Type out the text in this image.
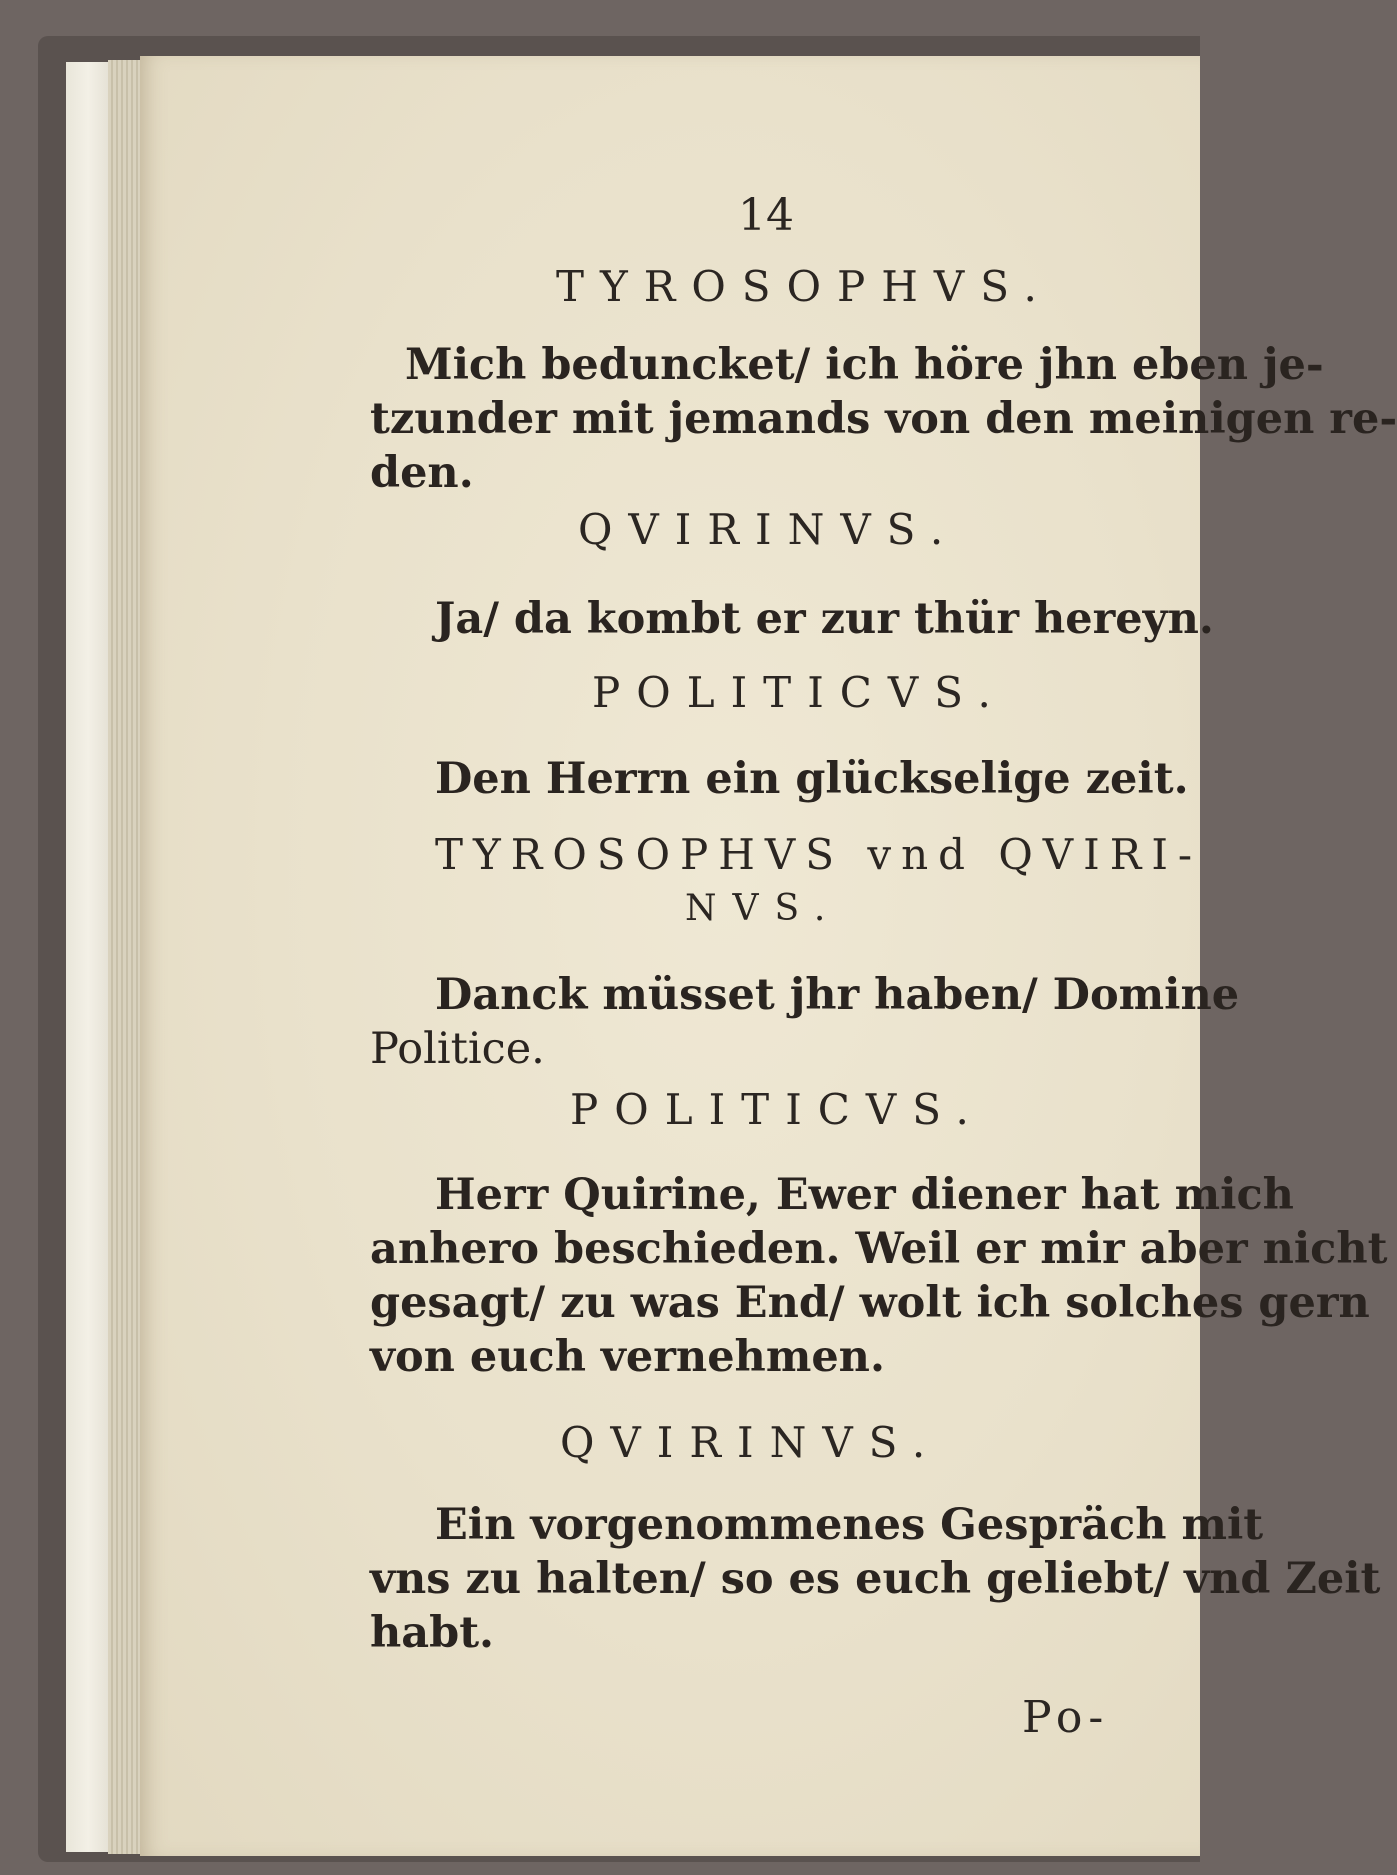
14
TYROSOPHVS.
Mich beduncket/ ich höre jhn eben je-
tzunder mit jemands von den meinigen re-
den.
QVIRINVS.
Ja/ da kombt er zur thür hereyn.
POLITICVS.
Den Herrn ein glückselige zeit.
TYROSOPHVS vnd QVIRI-
NVS.
Danck müsset jhr haben/ Domine
Politice.
POLITICVS.
Herr Quirine, Ewer diener hat mich
anhero beschieden. Weil er mir aber nicht
gesagt/ zu was End/ wolt ich solches gern
von euch vernehmen.
QVIRINVS.
Ein vorgenommenes Gespräch mit
vns zu halten/ so es euch geliebt/ vnd Zeit
habt.
Po-
